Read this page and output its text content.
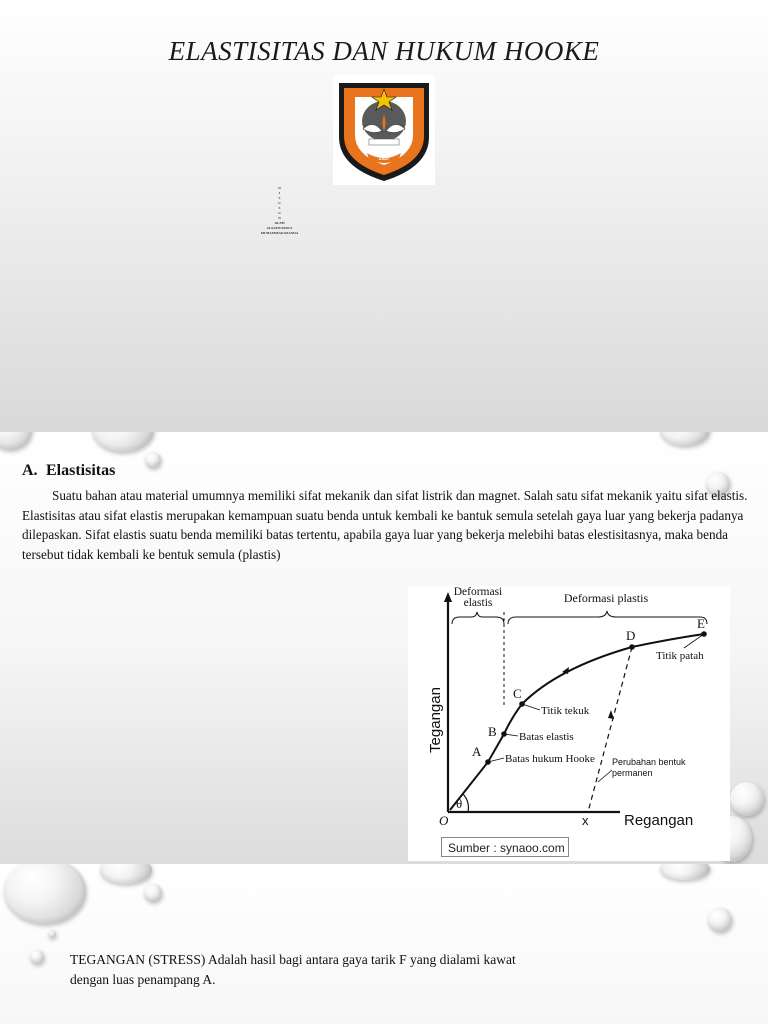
ELASTISITAS DAN HUKUM HOOKE
1957
D
I
S
U
S
U
N
OLEH
ALFATH RISKY
MUHAMMAD RIANDA
A. Elastisitas
Suatu bahan atau material umumnya memiliki sifat mekanik dan sifat listrik dan magnet. Salah satu sifat mekanik yaitu sifat elastis. Elastisitas atau sifat elastis merupakan kemampuan suatu benda untuk kembali ke bantuk semula setelah gaya luar yang bekerja padanya dilepaskan. Sifat elastis suatu benda memiliki batas tertentu, apabila gaya luar yang bekerja melebihi batas elestisitasnya, maka benda tersebut tidak kembali ke bentuk semula (plastis)
Deformasi
elastis	Deformasi plastis
A
B
C
D
E
Titik tekuk
Batas elastis
Batas hukum Hooke
Titik patah
Perubahan bentuk
permanen
θ
O	x Regangan
Tegangan
Sumber : synaoo.com
TEGANGAN (STRESS) Adalah hasil bagi antara gaya tarik F yang dialami kawat dengan luas penampang A.
